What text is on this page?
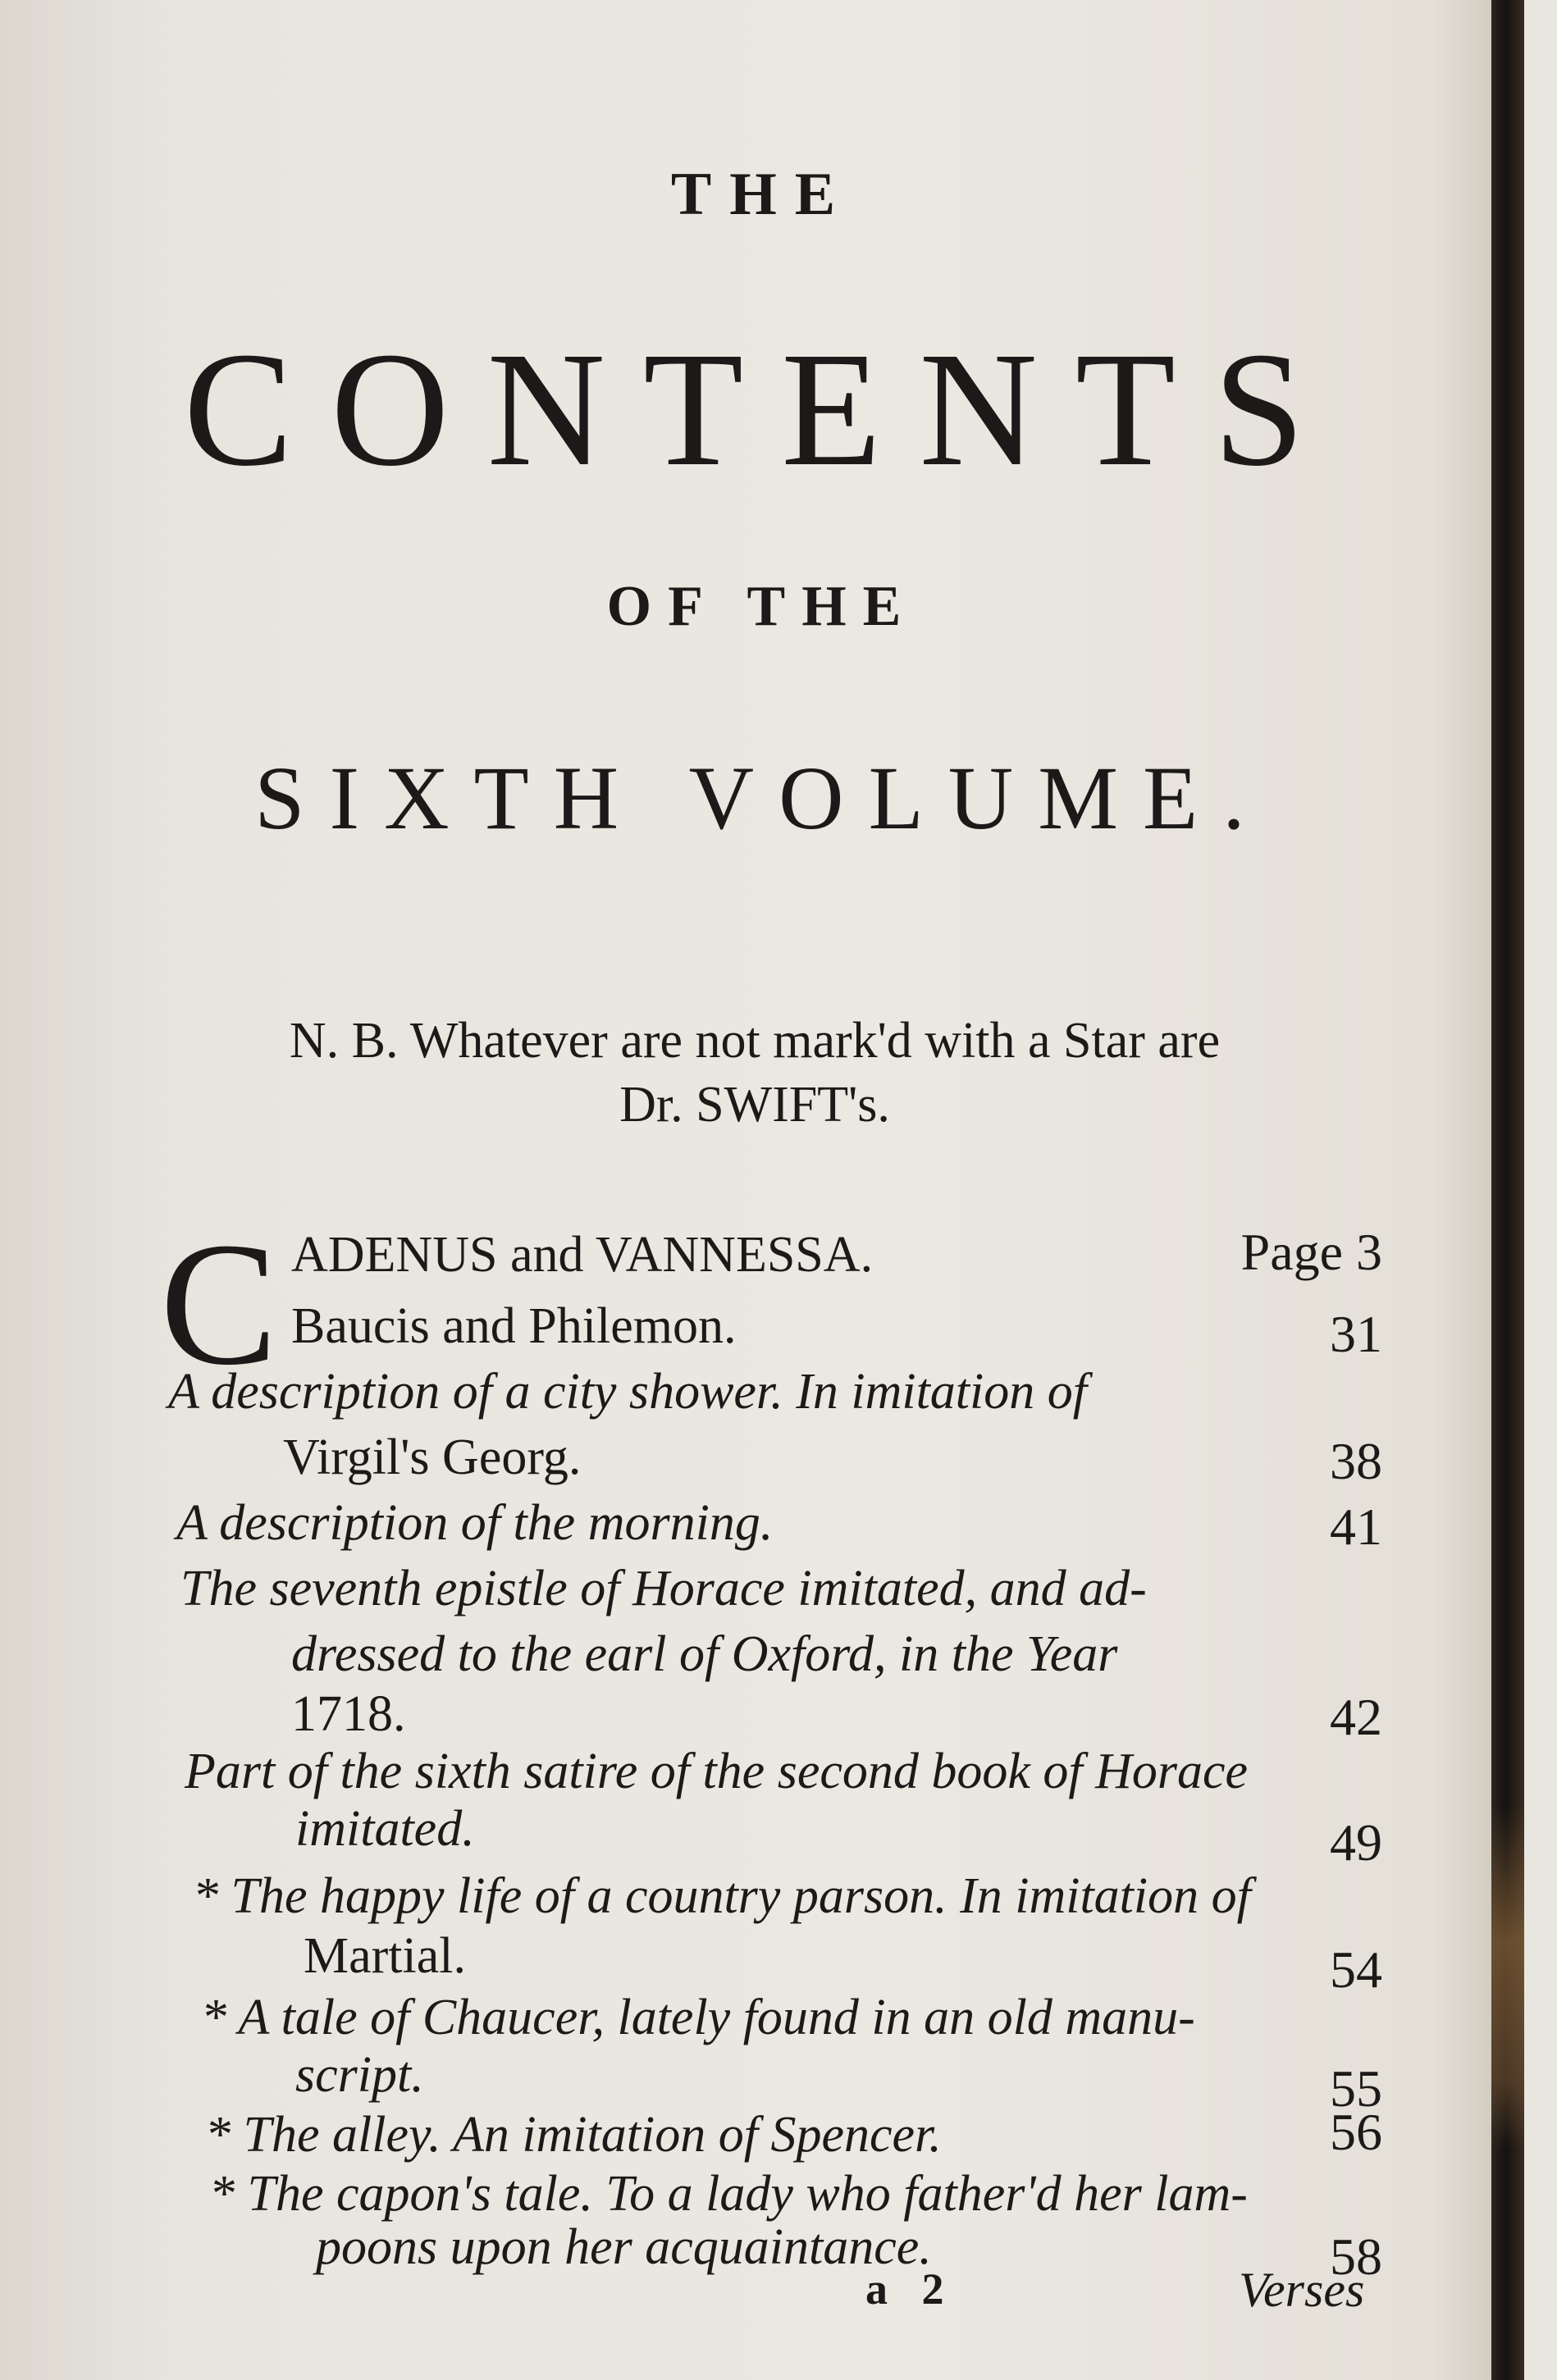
THE
CONTENTS
OF THE
SIXTH VOLUME.
N. B. Whatever are not mark'd with a Star are
Dr. SWIFT's.
C ADENUS and VANNESSA.	Page 3
Baucis and Philemon.	31
A description of a city shower. In imitation of
Virgil's Georg.	38
A description of the morning.	41
The seventh epistle of Horace imitated, and ad-
dressed to the earl of Oxford, in the Year
1718.	42
Part of the sixth satire of the second book of Horace
imitated.	49
* The happy life of a country parson. In imitation of
Martial.	54
* A tale of Chaucer, lately found in an old manu-
script.	55
* The alley. An imitation of Spencer.	56
* The capon's tale. To a lady who father'd her lam-
poons upon her acquaintance.	58
a 2	Verses
